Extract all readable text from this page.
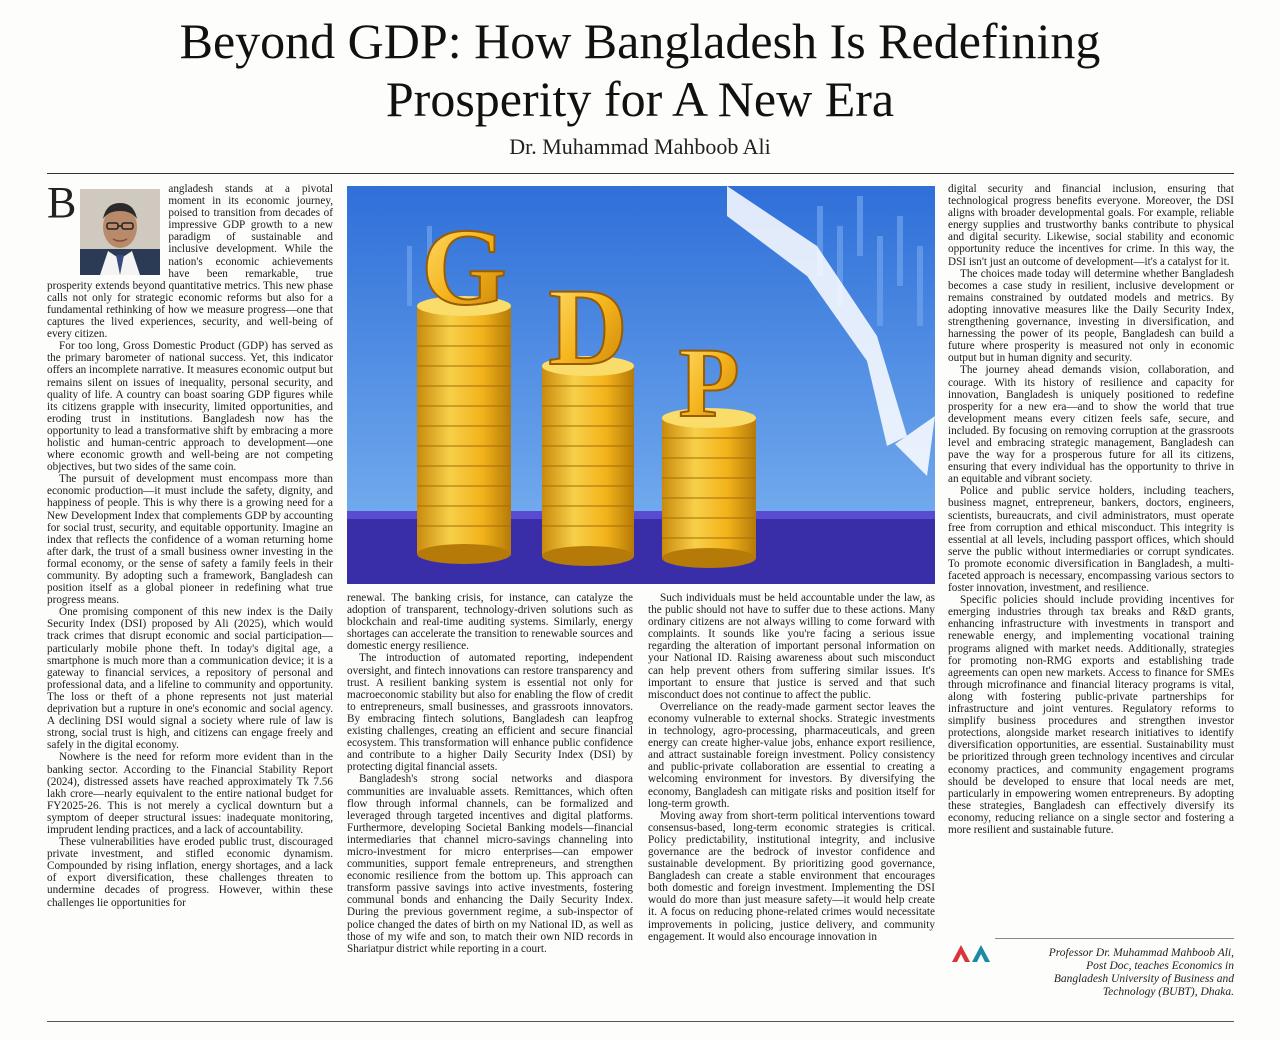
Beyond GDP: How Bangladesh Is Redefining
Prosperity for A New Era
Dr. Muhammad Mahboob Ali
B	angladesh stands at a pivotal moment in its economic journey, poised to transition from decades of impressive GDP growth to a new paradigm of sustainable and inclusive development. While the nation's economic achievements have been remarkable, true prosperity extends beyond quantitative metrics. This new phase calls not only for strategic economic reforms but also for a fundamental rethinking of how we measure progress—one that captures the lived experiences, security, and well-being of every citizen.

For too long, Gross Domestic Product (GDP) has served as the primary barometer of national success. Yet, this indicator offers an incomplete narrative. It measures economic output but remains silent on issues of inequality, personal security, and quality of life. A country can boast soaring GDP figures while its citizens grapple with insecurity, limited opportunities, and eroding trust in institutions. Bangladesh now has the opportunity to lead a transformative shift by embracing a more holistic and human-centric approach to development—one where economic growth and well-being are not competing objectives, but two sides of the same coin.

The pursuit of development must encompass more than economic production—it must include the safety, dignity, and happiness of people. This is why there is a growing need for a New Development Index that complements GDP by accounting for social trust, security, and equitable opportunity. Imagine an index that reflects the confidence of a woman returning home after dark, the trust of a small business owner investing in the formal economy, or the sense of safety a family feels in their community. By adopting such a framework, Bangladesh can position itself as a global pioneer in redefining what true progress means.

One promising component of this new index is the Daily Security Index (DSI) proposed by Ali (2025), which would track crimes that disrupt economic and social participation—particularly mobile phone theft. In today's digital age, a smartphone is much more than a communication device; it is a gateway to financial services, a repository of personal and professional data, and a lifeline to community and opportunity. The loss or theft of a phone represents not just material deprivation but a rupture in one's economic and social agency. A declining DSI would signal a society where rule of law is strong, social trust is high, and citizens can engage freely and safely in the digital economy.

Nowhere is the need for reform more evident than in the banking sector. According to the Financial Stability Report (2024), distressed assets have reached approximately Tk 7.56 lakh crore—nearly equivalent to the entire national budget for FY2025-26. This is not merely a cyclical downturn but a symptom of deeper structural issues: inadequate monitoring, imprudent lending practices, and a lack of accountability.

These vulnerabilities have eroded public trust, discouraged private investment, and stifled economic dynamism. Compounded by rising inflation, energy shortages, and a lack of export diversification, these challenges threaten to undermine decades of progress. However, within these challenges lie opportunities for

G D P

renewal. The banking crisis, for instance, can catalyze the adoption of transparent, technology-driven solutions such as blockchain and real-time auditing systems. Similarly, energy shortages can accelerate the transition to renewable sources and domestic energy resilience.

The introduction of automated reporting, independent oversight, and fintech innovations can restore transparency and trust. A resilient banking system is essential not only for macroeconomic stability but also for enabling the flow of credit to entrepreneurs, small businesses, and grassroots innovators. By embracing fintech solutions, Bangladesh can leapfrog existing challenges, creating an efficient and secure financial ecosystem. This transformation will enhance public confidence and contribute to a higher Daily Security Index (DSI) by protecting digital financial assets.

Bangladesh's strong social networks and diaspora communities are invaluable assets. Remittances, which often flow through informal channels, can be formalized and leveraged through targeted incentives and digital platforms. Furthermore, developing Societal Banking models—financial intermediaries that channel micro-savings channeling into micro-investment for micro enterprises—can empower communities, support female entrepreneurs, and strengthen economic resilience from the bottom up. This approach can transform passive savings into active investments, fostering communal bonds and enhancing the Daily Security Index. During the previous government regime, a sub-inspector of police changed the dates of birth on my National ID, as well as those of my wife and son, to match their own NID records in Shariatpur district while reporting in a court.

Such individuals must be held accountable under the law, as the public should not have to suffer due to these actions. Many ordinary citizens are not always willing to come forward with complaints. It sounds like you're facing a serious issue regarding the alteration of important personal information on your National ID. Raising awareness about such misconduct can help prevent others from suffering similar issues. It's important to ensure that justice is served and that such misconduct does not continue to affect the public.

Overreliance on the ready-made garment sector leaves the economy vulnerable to external shocks. Strategic investments in technology, agro-processing, pharmaceuticals, and green energy can create higher-value jobs, enhance export resilience, and attract sustainable foreign investment. Policy consistency and public-private collaboration are essential to creating a welcoming environment for investors. By diversifying the economy, Bangladesh can mitigate risks and position itself for long-term growth.

Moving away from short-term political interventions toward consensus-based, long-term economic strategies is critical. Policy predictability, institutional integrity, and inclusive governance are the bedrock of investor confidence and sustainable development. By prioritizing good governance, Bangladesh can create a stable environment that encourages both domestic and foreign investment. Implementing the DSI would do more than just measure safety—it would help create it. A focus on reducing phone-related crimes would necessitate improvements in policing, justice delivery, and community engagement. It would also encourage innovation in

digital security and financial inclusion, ensuring that technological progress benefits everyone. Moreover, the DSI aligns with broader developmental goals. For example, reliable energy supplies and trustworthy banks contribute to physical and digital security. Likewise, social stability and economic opportunity reduce the incentives for crime. In this way, the DSI isn't just an outcome of development—it's a catalyst for it.

The choices made today will determine whether Bangladesh becomes a case study in resilient, inclusive development or remains constrained by outdated models and metrics. By adopting innovative measures like the Daily Security Index, strengthening governance, investing in diversification, and harnessing the power of its people, Bangladesh can build a future where prosperity is measured not only in economic output but in human dignity and security.

The journey ahead demands vision, collaboration, and courage. With its history of resilience and capacity for innovation, Bangladesh is uniquely positioned to redefine prosperity for a new era—and to show the world that true development means every citizen feels safe, secure, and included. By focusing on removing corruption at the grassroots level and embracing strategic management, Bangladesh can pave the way for a prosperous future for all its citizens, ensuring that every individual has the opportunity to thrive in an equitable and vibrant society.

Police and public service holders, including teachers, business magnet, entrepreneur, bankers, doctors, engineers, scientists, bureaucrats, and civil administrators, must operate free from corruption and ethical misconduct. This integrity is essential at all levels, including passport offices, which should serve the public without intermediaries or corrupt syndicates. To promote economic diversification in Bangladesh, a multi-faceted approach is necessary, encompassing various sectors to foster innovation, investment, and resilience.

Specific policies should include providing incentives for emerging industries through tax breaks and R&D grants, enhancing infrastructure with investments in transport and renewable energy, and implementing vocational training programs aligned with market needs. Additionally, strategies for promoting non-RMG exports and establishing trade agreements can open new markets. Access to finance for SMEs through microfinance and financial literacy programs is vital, along with fostering public-private partnerships for infrastructure and joint ventures. Regulatory reforms to simplify business procedures and strengthen investor protections, alongside market research initiatives to identify diversification opportunities, are essential. Sustainability must be prioritized through green technology incentives and circular economy practices, and community engagement programs should be developed to ensure that local needs are met, particularly in empowering women entrepreneurs. By adopting these strategies, Bangladesh can effectively diversify its economy, reducing reliance on a single sector and fostering a more resilient and sustainable future.

Professor Dr. Muhammad Mahboob Ali,
Post Doc, teaches Economics in
Bangladesh University of Business and
Technology (BUBT), Dhaka.
